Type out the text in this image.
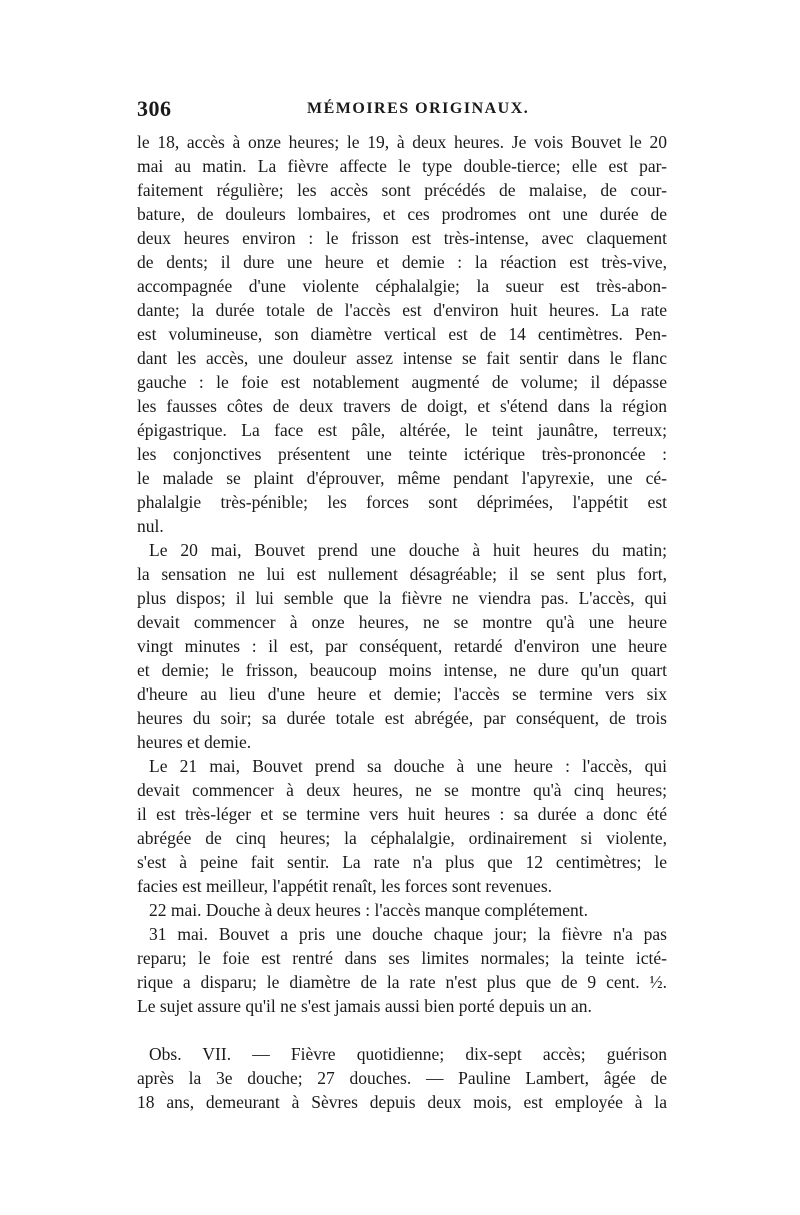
306	MÉMOIRES ORIGINAUX.
le 18, accès à onze heures; le 19, à deux heures. Je vois Bouvet le 20
mai au matin. La fièvre affecte le type double-tierce; elle est par-
faitement régulière; les accès sont précédés de malaise, de cour-
bature, de douleurs lombaires, et ces prodromes ont une durée de
deux heures environ : le frisson est très-intense, avec claquement
de dents; il dure une heure et demie : la réaction est très-vive,
accompagnée d'une violente céphalalgie; la sueur est très-abon-
dante; la durée totale de l'accès est d'environ huit heures. La rate
est volumineuse, son diamètre vertical est de 14 centimètres. Pen-
dant les accès, une douleur assez intense se fait sentir dans le flanc
gauche : le foie est notablement augmenté de volume; il dépasse
les fausses côtes de deux travers de doigt, et s'étend dans la région
épigastrique. La face est pâle, altérée, le teint jaunâtre, terreux;
les conjonctives présentent une teinte ictérique très-prononcée :
le malade se plaint d'éprouver, même pendant l'apyrexie, une cé-
phalalgie très-pénible; les forces sont déprimées, l'appétit est
nul.
Le 20 mai, Bouvet prend une douche à huit heures du matin;
la sensation ne lui est nullement désagréable; il se sent plus fort,
plus dispos; il lui semble que la fièvre ne viendra pas. L'accès, qui
devait commencer à onze heures, ne se montre qu'à une heure
vingt minutes : il est, par conséquent, retardé d'environ une heure
et demie; le frisson, beaucoup moins intense, ne dure qu'un quart
d'heure au lieu d'une heure et demie; l'accès se termine vers six
heures du soir; sa durée totale est abrégée, par conséquent, de trois
heures et demie.
Le 21 mai, Bouvet prend sa douche à une heure : l'accès, qui
devait commencer à deux heures, ne se montre qu'à cinq heures;
il est très-léger et se termine vers huit heures : sa durée a donc été
abrégée de cinq heures; la céphalalgie, ordinairement si violente,
s'est à peine fait sentir. La rate n'a plus que 12 centimètres; le
facies est meilleur, l'appétit renaît, les forces sont revenues.
22 mai. Douche à deux heures : l'accès manque complétement.
31 mai. Bouvet a pris une douche chaque jour; la fièvre n'a pas
reparu; le foie est rentré dans ses limites normales; la teinte icté-
rique a disparu; le diamètre de la rate n'est plus que de 9 cent. ½.
Le sujet assure qu'il ne s'est jamais aussi bien porté depuis un an.
Obs. VII. — Fièvre quotidienne; dix-sept accès; guérison
après la 3e douche; 27 douches. — Pauline Lambert, âgée de
18 ans, demeurant à Sèvres depuis deux mois, est employée à la
